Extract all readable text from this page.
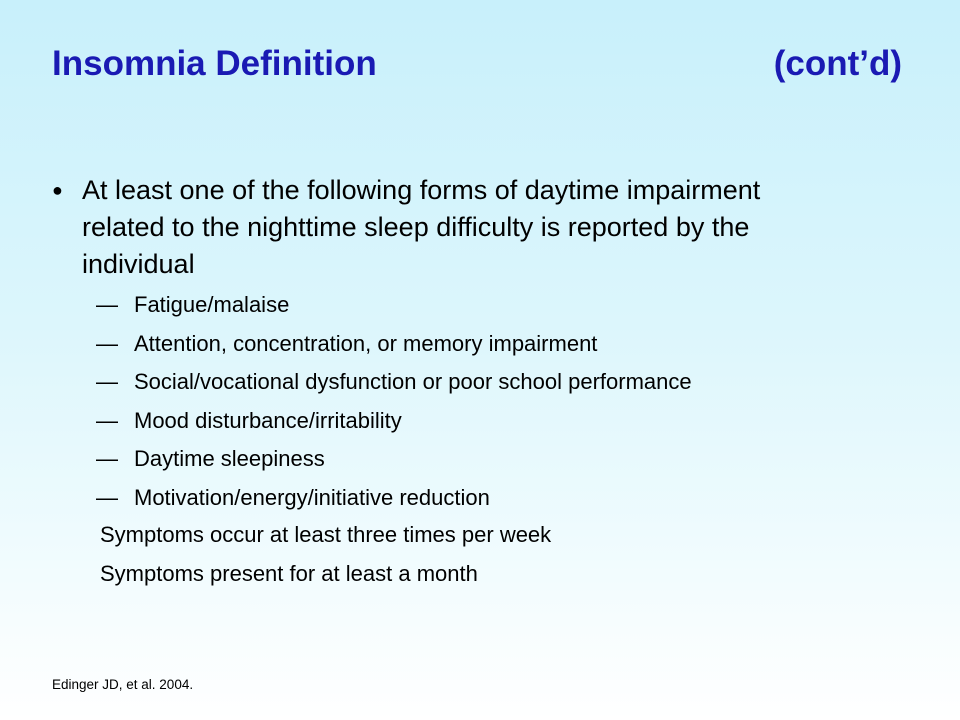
Insomnia Definition	(cont’d)
● At least one of the following forms of daytime impairment related to the nighttime sleep difficulty is reported by the individual
— Fatigue/malaise
— Attention, concentration, or memory impairment
— Social/vocational dysfunction or poor school performance
— Mood disturbance/irritability
— Daytime sleepiness
— Motivation/energy/initiative reduction
Symptoms occur at least three times per week
Symptoms present for at least a month
Edinger JD, et al. 2004.
